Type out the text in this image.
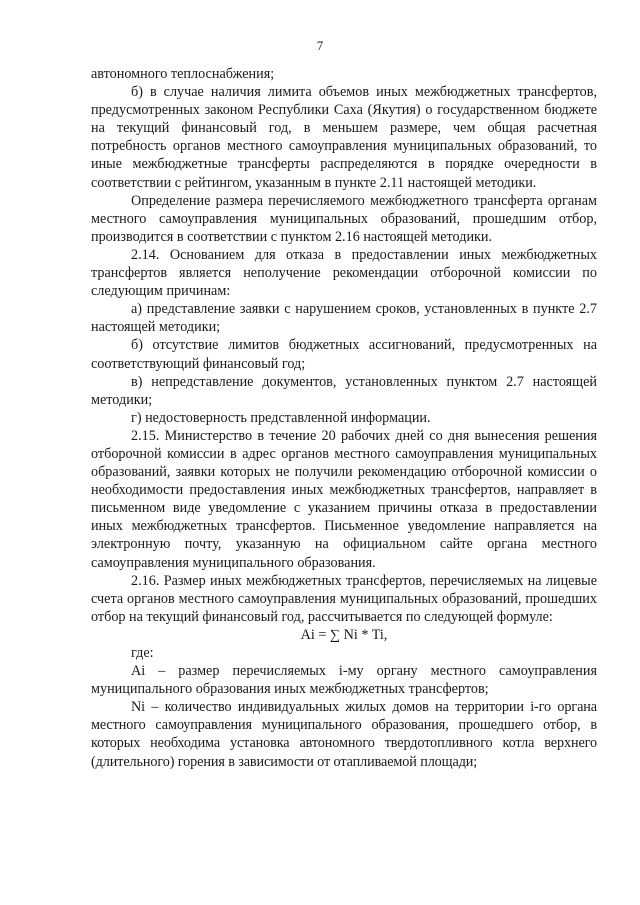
7

автономного теплоснабжения;

б) в случае наличия лимита объемов иных межбюджетных трансфертов, предусмотренных законом Республики Саха (Якутия) о государственном бюджете на текущий финансовый год, в меньшем размере, чем общая расчетная потребность органов местного самоуправления муниципальных образований, то иные межбюджетные трансферты распределяются в порядке очередности в соответствии с рейтингом, указанным в пункте 2.11 настоящей методики.

Определение размера перечисляемого межбюджетного трансферта органам местного самоуправления муниципальных образований, прошедшим отбор, производится в соответствии с пунктом 2.16 настоящей методики.

2.14. Основанием для отказа в предоставлении иных межбюджетных трансфертов является неполучение рекомендации отборочной комиссии по следующим причинам:

а) представление заявки с нарушением сроков, установленных в пункте 2.7 настоящей методики;

б) отсутствие лимитов бюджетных ассигнований, предусмотренных на соответствующий финансовый год;

в) непредставление документов, установленных пунктом 2.7 настоящей методики;

г) недостоверность представленной информации.

2.15. Министерство в течение 20 рабочих дней со дня вынесения решения отборочной комиссии в адрес органов местного самоуправления муниципальных образований, заявки которых не получили рекомендацию отборочной комиссии о необходимости предоставления иных межбюджетных трансфертов, направляет в письменном виде уведомление с указанием причины отказа в предоставлении иных межбюджетных трансфертов. Письменное уведомление направляется на электронную почту, указанную на официальном сайте органа местного самоуправления муниципального образования.

2.16. Размер иных межбюджетных трансфертов, перечисляемых на лицевые счета органов местного самоуправления муниципальных образований, прошедших отбор на текущий финансовый год, рассчитывается по следующей формуле:

Ai = ∑ Ni * Ti,

где:

Ai – размер перечисляемых i-му органу местного самоуправления муниципального образования иных межбюджетных трансфертов;

Ni – количество индивидуальных жилых домов на территории i-го органа местного самоуправления муниципального образования, прошедшего отбор, в которых необходима установка автономного твердотопливного котла верхнего (длительного) горения в зависимости от отапливаемой площади;
